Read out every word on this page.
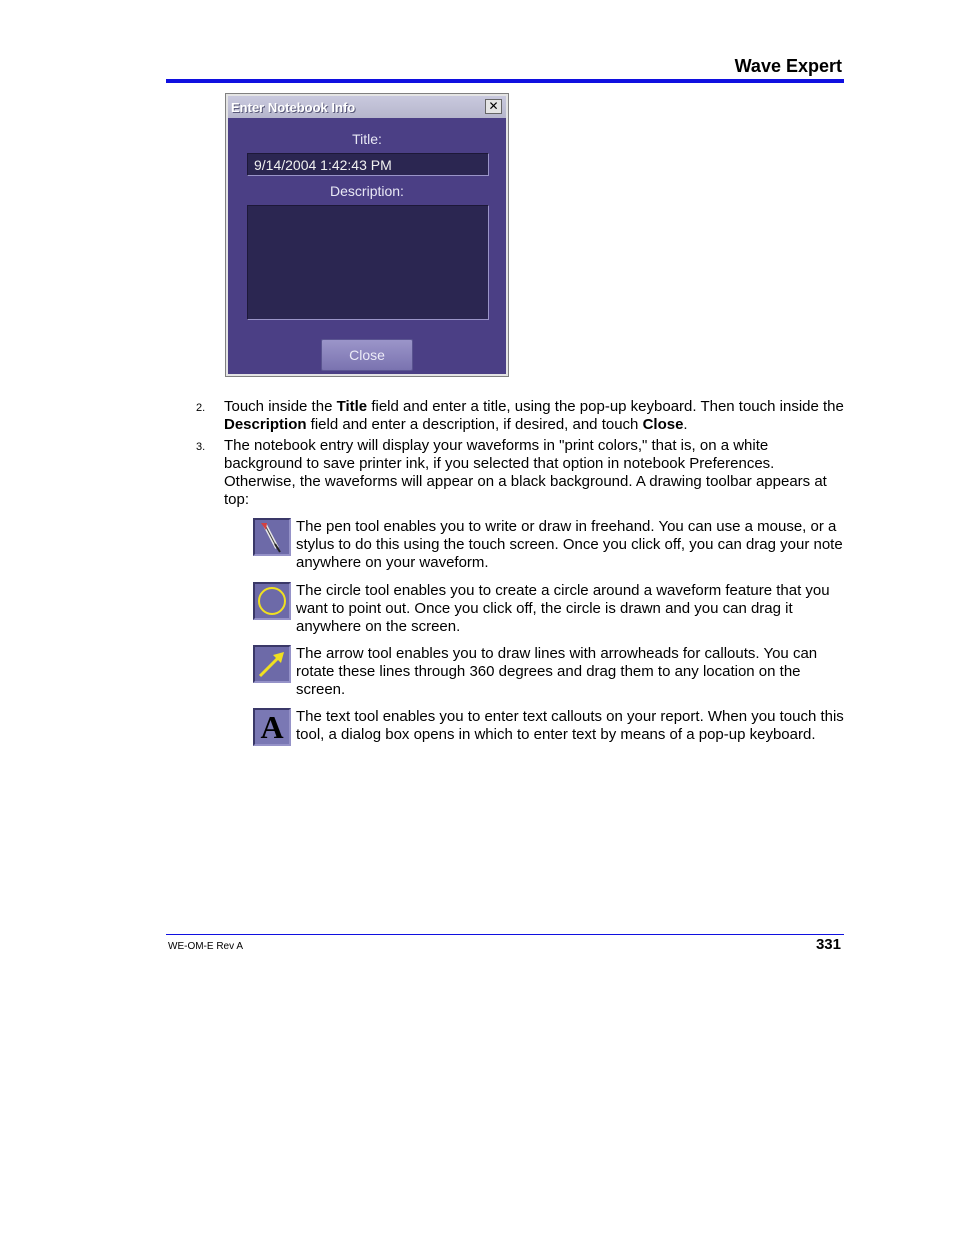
Wave Expert
Enter Notebook Info	✕
Title:
9/14/2004 1:42:43 PM
Description:
Close
2. Touch inside the Title field and enter a title, using the pop-up keyboard. Then touch inside the Description field and enter a description, if desired, and touch Close.
3. The notebook entry will display your waveforms in "print colors," that is, on a white background to save printer ink, if you selected that option in notebook Preferences. Otherwise, the waveforms will appear on a black background. A drawing toolbar appears at top:
The pen tool enables you to write or draw in freehand. You can use a mouse, or a stylus to do this using the touch screen. Once you click off, you can drag your note anywhere on your waveform.
The circle tool enables you to create a circle around a waveform feature that you want to point out. Once you click off, the circle is drawn and you can drag it anywhere on the screen.
The arrow tool enables you to draw lines with arrowheads for callouts. You can rotate these lines through 360 degrees and drag them to any location on the screen.
A The text tool enables you to enter text callouts on your report. When you touch this tool, a dialog box opens in which to enter text by means of a pop-up keyboard.
WE-OM-E Rev A	331
